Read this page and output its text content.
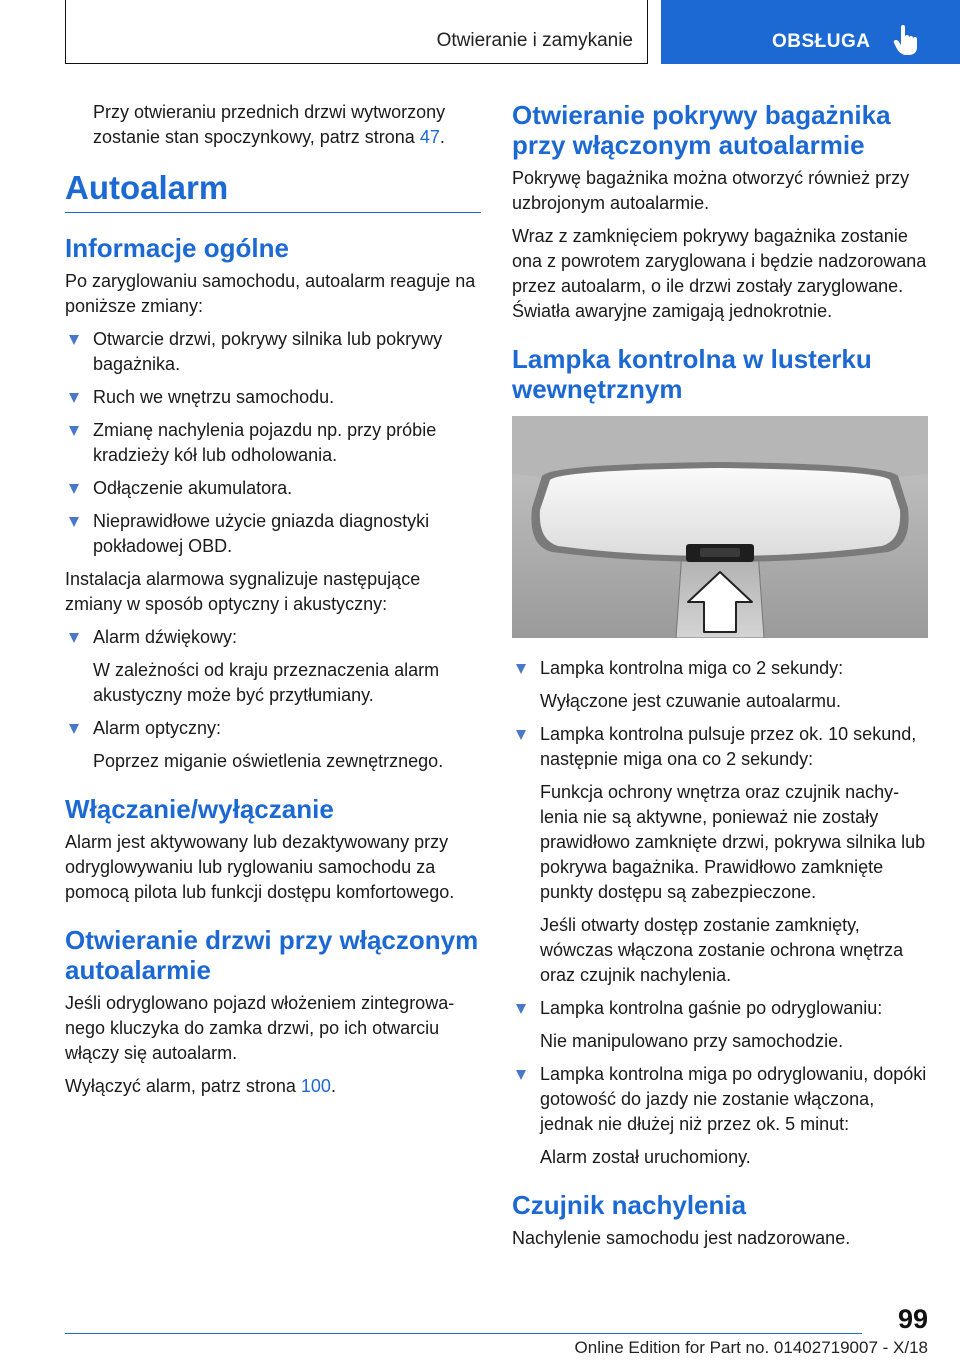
Otwieranie i zamykanie	OBSŁUGA

Przy otwieraniu przednich drzwi wytworzony zostanie stan spoczynkowy, patrz strona 47.

Autoalarm
Informacje ogólne

Po zaryglowaniu samochodu, autoalarm reaguje na poniższe zmiany:

Otwarcie drzwi, pokrywy silnika lub pokrywy bagażnika.

Ruch we wnętrzu samochodu.

Zmianę nachylenia pojazdu np. przy próbie kradzieży kół lub odholowania.

Odłączenie akumulatora.

Nieprawidłowe użycie gniazda diagnostyki pokładowej OBD.

Instalacja alarmowa sygnalizuje następujące zmiany w sposób optyczny i akustyczny:

Alarm dźwiękowy:

W zależności od kraju przeznaczenia alarm akustyczny może być przytłumiany.

Alarm optyczny:

Poprzez miganie oświetlenia zewnętrznego.

Włączanie/wyłączanie

Alarm jest aktywowany lub dezaktywowany przy odryglowywaniu lub ryglowaniu samochodu za pomocą pilota lub funkcji dostępu komfortowego.

Otwieranie drzwi przy włączonym autoalarmie

Jeśli odryglowano pojazd włożeniem zintegrowanego kluczyka do zamka drzwi, po ich otwarciu włączy się autoalarm.

Wyłączyć alarm, patrz strona 100.

Otwieranie pokrywy bagażnika przy włączonym autoalarmie

Pokrywę bagażnika można otworzyć również przy uzbrojonym autoalarmie.

Wraz z zamknięciem pokrywy bagażnika zostanie ona z powrotem zaryglowana i będzie nadzorowana przez autoalarm, o ile drzwi zostały zaryglowane. Światła awaryjne zamigają jednokrotnie.

Lampka kontrolna w lusterku wewnętrznym

Lampka kontrolna miga co 2 sekundy:

Wyłączone jest czuwanie autoalarmu.

Lampka kontrolna pulsuje przez ok. 10 sekund, następnie miga ona co 2 sekundy:

Funkcja ochrony wnętrza oraz czujnik nachylenia nie są aktywne, ponieważ nie zostały prawidłowo zamknięte drzwi, pokrywa silnika lub pokrywa bagażnika. Prawidłowo zamknięte punkty dostępu są zabezpieczone.

Jeśli otwarty dostęp zostanie zamknięty, wówczas włączona zostanie ochrona wnętrza oraz czujnik nachylenia.

Lampka kontrolna gaśnie po odryglowaniu:

Nie manipulowano przy samochodzie.

Lampka kontrolna miga po odryglowaniu, dopóki gotowość do jazdy nie zostanie włączona, jednak nie dłużej niż przez ok. 5 minut:

Alarm został uruchomiony.

Czujnik nachylenia

Nachylenie samochodu jest nadzorowane.

99
Online Edition for Part no. 01402719007 - X/18
